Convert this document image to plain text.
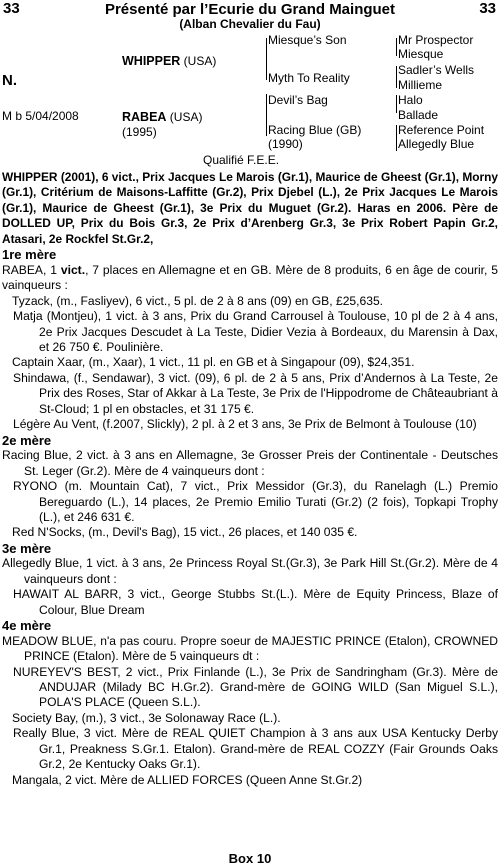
33	33
Présenté par l’Ecurie du Grand Mainguet
(Alban Chevalier du Fau)
N.
M b 5/04/2008
WHIPPER (USA)
RABEA (USA)
(1995)
Miesque’s Son
Myth To Reality
Devil’s Bag
Racing Blue (GB)
(1990)
Mr Prospector
Miesque
Sadler’s Wells
Millieme
Halo
Ballade
Reference Point
Allegedly Blue
Qualifié F.E.E.

WHIPPER (2001), 6 vict., Prix Jacques Le Marois (Gr.1), Maurice de Gheest (Gr.1), Morny (Gr.1), Critérium de Maisons-Laffitte (Gr.2), Prix Djebel (L.), 2e Prix Jacques Le Marois (Gr.1), Maurice de Gheest (Gr.1), 3e Prix du Muguet (Gr.2). Haras en 2006. Père de DOLLED UP, Prix du Bois Gr.3, 2e Prix d’Arenberg Gr.3, 3e Prix Robert Papin Gr.2, Atasari, 2e Rockfel St.Gr.2,

1re mère

RABEA, 1 vict., 7 places en Allemagne et en GB. Mère de 8 produits, 6 en âge de courir, 5 vainqueurs :

Tyzack, (m., Fasliyev), 6 vict., 5 pl. de 2 à 8 ans (09) en GB, £25,635.

Matja (Montjeu), 1 vict. à 3 ans, Prix du Grand Carrousel à Toulouse, 10 pl de 2 à 4 ans, 2e Prix Jacques Descudet à La Teste, Didier Vezia à Bordeaux, du Marensin à Dax, et 26 750 €. Poulinière.

Captain Xaar, (m., Xaar), 1 vict., 11 pl. en GB et à Singapour (09), $24,351.

Shindawa, (f., Sendawar), 3 vict. (09), 6 pl. de 2 à 5 ans, Prix d’Andernos à La Teste, 2e Prix des Roses, Star of Akkar à La Teste, 3e Prix de l'Hippodrome de Châteaubriant à St-Cloud; 1 pl en obstacles, et 31 175 €.

Légère Au Vent, (f.2007, Slickly), 2 pl. à 2 et 3 ans, 3e Prix de Belmont à Toulouse (10)

2e mère

Racing Blue, 2 vict. à 3 ans en Allemagne, 3e Grosser Preis der Continentale - Deutsches St. Leger (Gr.2). Mère de 4 vainqueurs dont :

RYONO (m. Mountain Cat), 7 vict., Prix Messidor (Gr.3), du Ranelagh (L.) Premio Bereguardo (L.), 14 places, 2e Premio Emilio Turati (Gr.2) (2 fois), Topkapi Trophy (L.), et 246 631 €.

Red N'Socks, (m., Devil's Bag), 15 vict., 26 places, et 140 035 €.

3e mère

Allegedly Blue, 1 vict. à 3 ans, 2e Princess Royal St.(Gr.3), 3e Park Hill St.(Gr.2). Mère de 4 vainqueurs dont :

HAWAIT AL BARR, 3 vict., George Stubbs St.(L.). Mère de Equity Princess, Blaze of Colour, Blue Dream

4e mère

MEADOW BLUE, n'a pas couru. Propre soeur de MAJESTIC PRINCE (Etalon), CROWNED PRINCE (Etalon). Mère de 5 vainqueurs dt :

NUREYEV'S BEST, 2 vict., Prix Finlande (L.), 3e Prix de Sandringham (Gr.3). Mère de ANDUJAR (Milady BC H.Gr.2). Grand-mère de GOING WILD (San Miguel S.L.), POLA'S PLACE (Queen S.L.).

Society Bay, (m.), 3 vict., 3e Solonaway Race (L.).

Really Blue, 3 vict. Mère de REAL QUIET Champion à 3 ans aux USA Kentucky Derby Gr.1, Preakness S.Gr.1. Etalon). Grand-mère de REAL COZZY (Fair Grounds Oaks Gr.2, 2e Kentucky Oaks Gr.1).

Mangala, 2 vict. Mère de ALLIED FORCES (Queen Anne St.Gr.2)

Box 10
